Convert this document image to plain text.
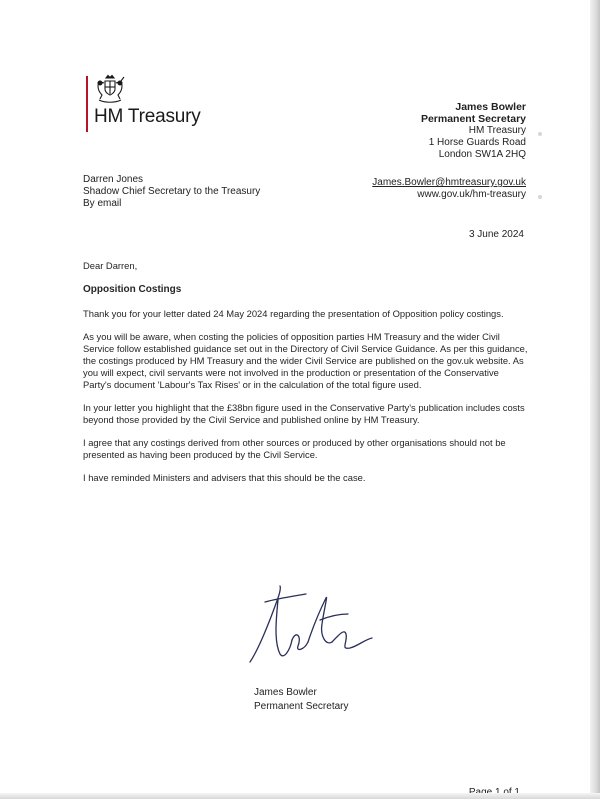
HM Treasury	James Bowler
Permanent Secretary
HM Treasury
1 Horse Guards Road
London SW1A 2HQ
Darren Jones
Shadow Chief Secretary to the Treasury
By email
James.Bowler@hmtreasury.gov.uk
www.gov.uk/hm-treasury
3 June 2024

Dear Darren,

Opposition Costings

Thank you for your letter dated 24 May 2024 regarding the presentation of Opposition policy costings.

As you will be aware, when costing the policies of opposition parties HM Treasury and the wider Civil Service follow established guidance set out in the Directory of Civil Service Guidance. As per this guidance, the costings produced by HM Treasury and the wider Civil Service are published on the gov.uk website. As you will expect, civil servants were not involved in the production or presentation of the Conservative Party's document 'Labour's Tax Rises' or in the calculation of the total figure used.

In your letter you highlight that the £38bn figure used in the Conservative Party's publication includes costs beyond those provided by the Civil Service and published online by HM Treasury.

I agree that any costings derived from other sources or produced by other organisations should not be presented as having been produced by the Civil Service.

I have reminded Ministers and advisers that this should be the case.

James Bowler
Permanent Secretary
